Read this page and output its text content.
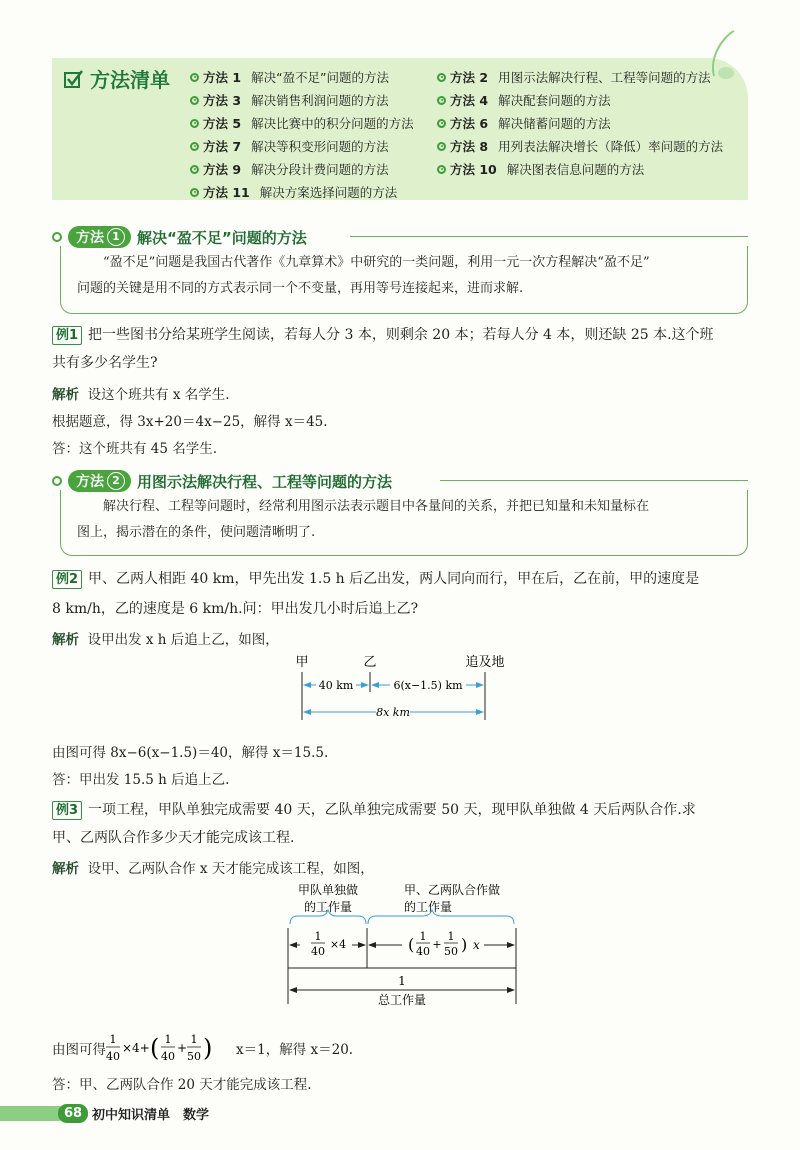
方法清单	方法 1 解决“盈不足”问题的方法	方法 2 用图示法解决行程、工程等问题的方法
方法 3 解决销售利润问题的方法	方法 4 解决配套问题的方法
方法 5 解决比赛中的积分问题的方法	方法 6 解决储蓄问题的方法
方法 7 解决等积变形问题的方法	方法 8 用列表法解决增长（降低）率问题的方法
方法 9 解决分段计费问题的方法	方法 10 解决图表信息问题的方法
方法 11 解决方案选择问题的方法
方法 1	解决“盈不足”问题的方法
“盈不足”问题是我国古代著作《九章算术》中研究的一类问题，利用一元一次方程解决“盈不足”
问题的关键是用不同的方式表示同一个不变量，再用等号连接起来，进而求解.
例1 把一些图书分给某班学生阅读，若每人分 3 本，则剩余 20 本；若每人分 4 本，则还缺 25 本.这个班
共有多少名学生?
解析 设这个班共有 x 名学生.
根据题意，得 3x+20＝4x−25，解得 x＝45.
答：这个班共有 45 名学生.
方法 2	用图示法解决行程、工程等问题的方法
解决行程、工程等问题时，经常利用图示法表示题目中各量间的关系，并把已知量和未知量标在
图上，揭示潜在的条件，使问题清晰明了.
例2 甲、乙两人相距 40 km，甲先出发 1.5 h 后乙出发，两人同向而行，甲在后，乙在前，甲的速度是
8 km/h，乙的速度是 6 km/h.问：甲出发几小时后追上乙?
解析 设甲出发 x h 后追上乙，如图，
甲	乙	追及地
40 km	6(x−1.5) km
8x km
由图可得 8x−6(x−1.5)＝40，解得 x＝15.5.
答：甲出发 15.5 h 后追上乙.
例3 一项工程，甲队单独完成需要 40 天，乙队单独完成需要 50 天，现甲队单独做 4 天后两队合作.求
甲、乙两队合作多少天才能完成该工程.
解析 设甲、乙两队合作 x 天才能完成该工程，如图，
甲队单独做
的工作量
甲、乙两队合作做
的工作量
1
40
×4	( 1
40
+
1
50 ) x
1
总工作量
由图可得
1
40
×4+ ( 1
40
+
1
50 ) x＝1，解得 x＝20.
答：甲、乙两队合作 20 天才能完成该工程.
68 初中知识清单　数学
